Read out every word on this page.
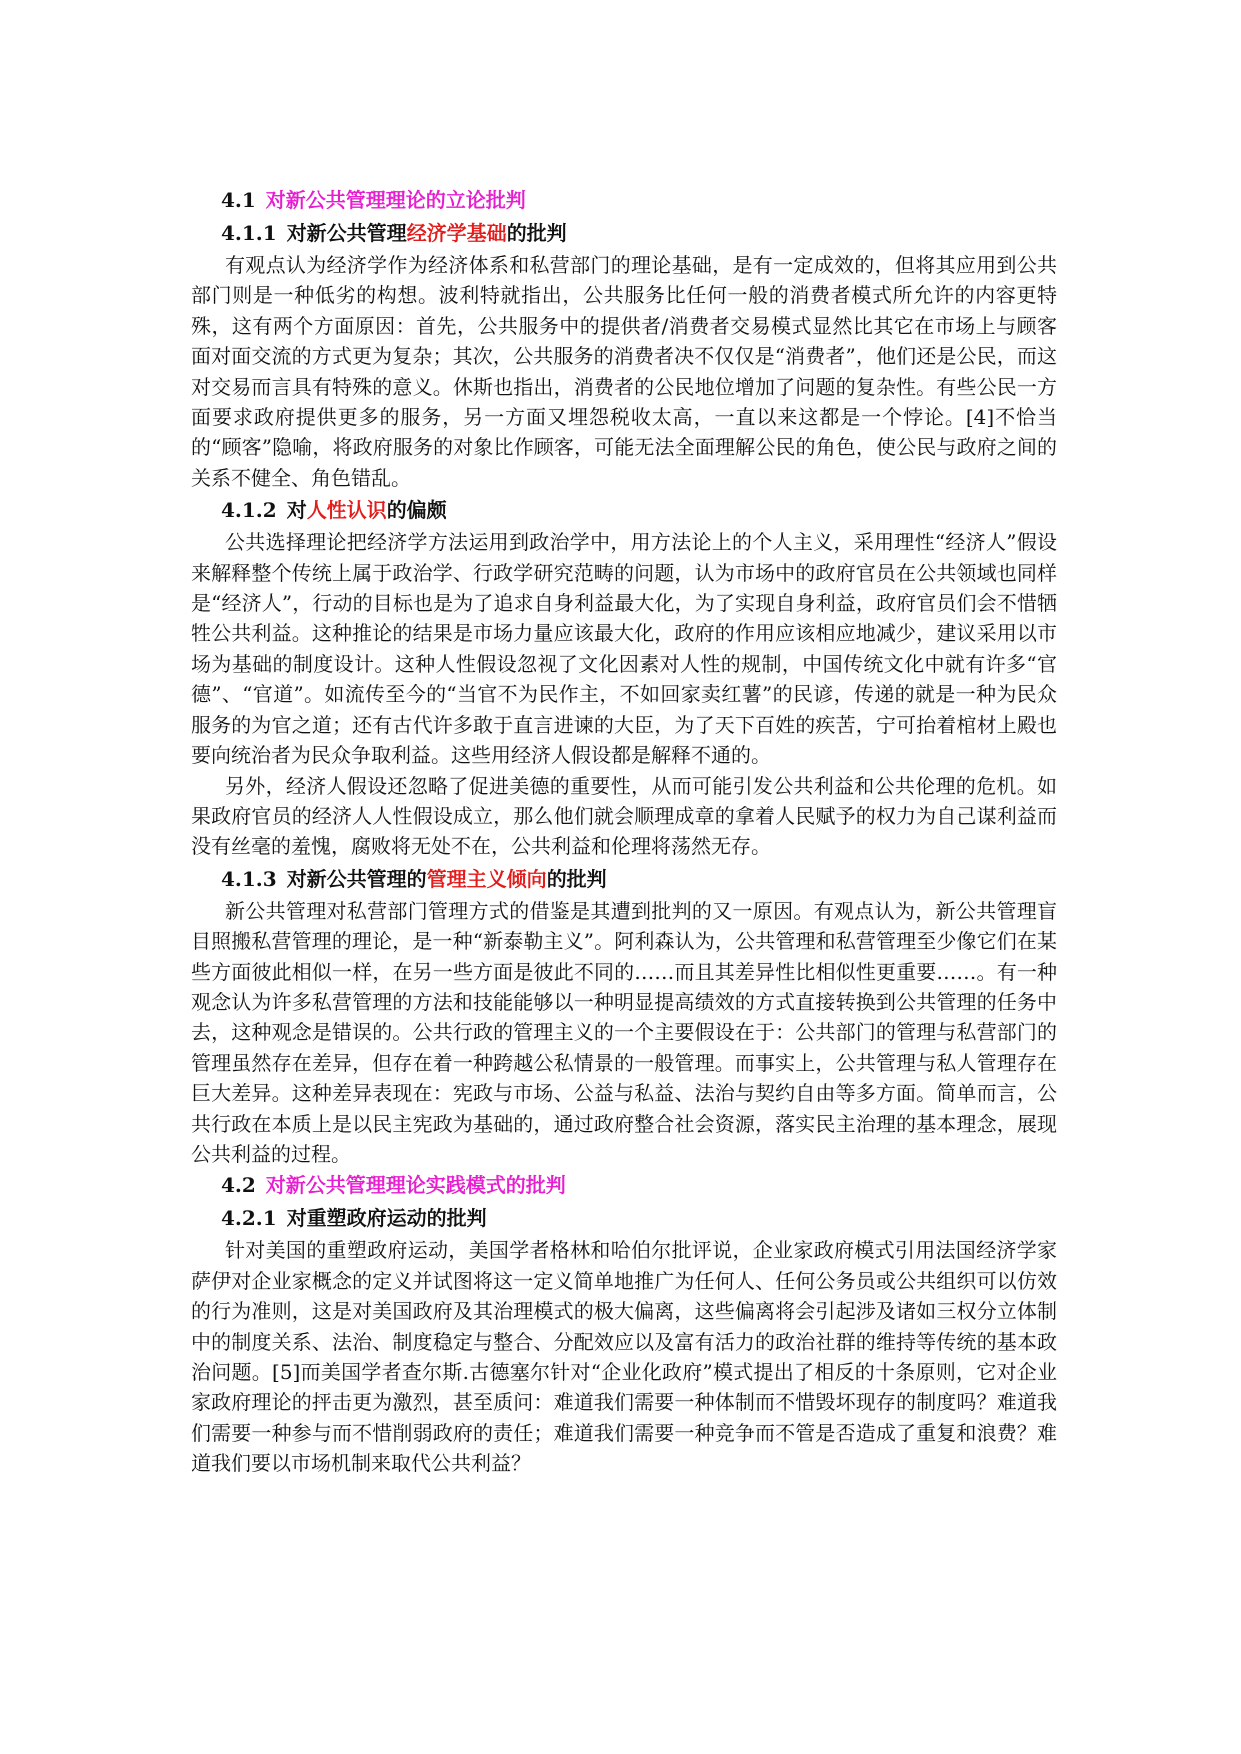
4.1 对新公共管理理论的立论批判
4.1.1 对新公共管理经济学基础的批判

有观点认为经济学作为经济体系和私营部门的理论基础，是有一定成效的，但将其应用到公共部门则是一种低劣的构想。波利特就指出，公共服务比任何一般的消费者模式所允许的内容更特殊，这有两个方面原因：首先，公共服务中的提供者/消费者交易模式显然比其它在市场上与顾客面对面交流的方式更为复杂；其次，公共服务的消费者决不仅仅是“消费者”，他们还是公民，而这对交易而言具有特殊的意义。休斯也指出，消费者的公民地位增加了问题的复杂性。有些公民一方面要求政府提供更多的服务，另一方面又埋怨税收太高，一直以来这都是一个悖论。[4]不恰当的“顾客”隐喻，将政府服务的对象比作顾客，可能无法全面理解公民的角色，使公民与政府之间的关系不健全、角色错乱。

4.1.2 对人性认识的偏颇

公共选择理论把经济学方法运用到政治学中，用方法论上的个人主义，采用理性“经济人”假设来解释整个传统上属于政治学、行政学研究范畴的问题，认为市场中的政府官员在公共领域也同样是“经济人”，行动的目标也是为了追求自身利益最大化，为了实现自身利益，政府官员们会不惜牺牲公共利益。这种推论的结果是市场力量应该最大化，政府的作用应该相应地减少，建议采用以市场为基础的制度设计。这种人性假设忽视了文化因素对人性的规制，中国传统文化中就有许多“官德”、“官道”。如流传至今的“当官不为民作主，不如回家卖红薯”的民谚，传递的就是一种为民众服务的为官之道；还有古代许多敢于直言进谏的大臣，为了天下百姓的疾苦，宁可抬着棺材上殿也要向统治者为民众争取利益。这些用经济人假设都是解释不通的。

另外，经济人假设还忽略了促进美德的重要性，从而可能引发公共利益和公共伦理的危机。如果政府官员的经济人人性假设成立，那么他们就会顺理成章的拿着人民赋予的权力为自己谋利益而没有丝毫的羞愧，腐败将无处不在，公共利益和伦理将荡然无存。

4.1.3 对新公共管理的管理主义倾向的批判

新公共管理对私营部门管理方式的借鉴是其遭到批判的又一原因。有观点认为，新公共管理盲目照搬私营管理的理论，是一种“新泰勒主义”。阿利森认为，公共管理和私营管理至少像它们在某些方面彼此相似一样，在另一些方面是彼此不同的……而且其差异性比相似性更重要……。有一种观念认为许多私营管理的方法和技能能够以一种明显提高绩效的方式直接转换到公共管理的任务中去，这种观念是错误的。公共行政的管理主义的一个主要假设在于：公共部门的管理与私营部门的管理虽然存在差异，但存在着一种跨越公私情景的一般管理。而事实上，公共管理与私人管理存在巨大差异。这种差异表现在：宪政与市场、公益与私益、法治与契约自由等多方面。简单而言，公共行政在本质上是以民主宪政为基础的，通过政府整合社会资源，落实民主治理的基本理念，展现公共利益的过程。

4.2 对新公共管理理论实践模式的批判
4.2.1 对重塑政府运动的批判

针对美国的重塑政府运动，美国学者格林和哈伯尔批评说，企业家政府模式引用法国经济学家萨伊对企业家概念的定义并试图将这一定义简单地推广为任何人、任何公务员或公共组织可以仿效的行为准则，这是对美国政府及其治理模式的极大偏离，这些偏离将会引起涉及诸如三权分立体制中的制度关系、法治、制度稳定与整合、分配效应以及富有活力的政治社群的维持等传统的基本政治问题。[5]而美国学者查尔斯.古德塞尔针对“企业化政府”模式提出了相反的十条原则，它对企业家政府理论的抨击更为激烈，甚至质问：难道我们需要一种体制而不惜毁坏现存的制度吗？难道我们需要一种参与而不惜削弱政府的责任；难道我们需要一种竞争而不管是否造成了重复和浪费？难道我们要以市场机制来取代公共利益？
